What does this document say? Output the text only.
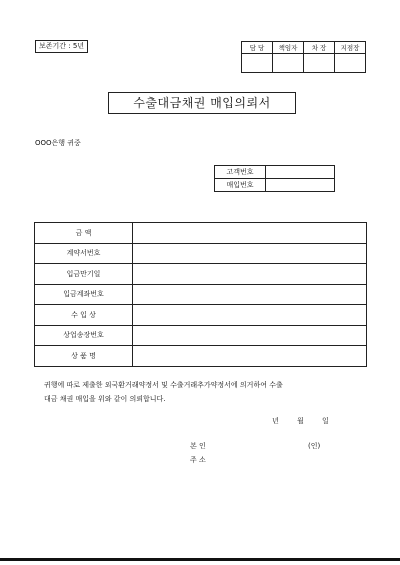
보존기간 : 5년	담 당	책임자	차 장	지점장

수출대금채권 매입의뢰서
OOO은행 귀중
고객번호	
매입번호	
금 액	
계약서번호	
입금만기일	
입금계좌번호	
수 입 상	
상업송장번호	
상 품 명	
귀행에 따로 제출한 외국환거래약정서 및 수출거래추가약정서에 의거하여 수출
대금 채권 매입을 위와 같이 의뢰합니다.
년	월	일
본 인	(인)
주 소
